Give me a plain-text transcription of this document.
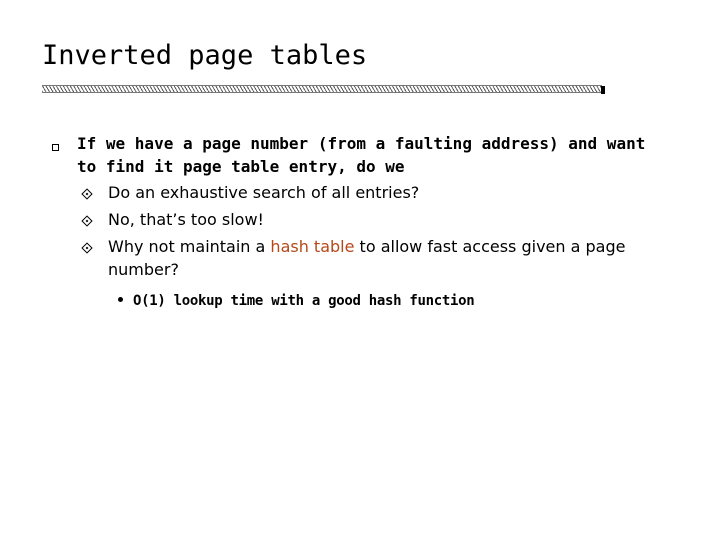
Inverted page tables
If we have a page number (from a faulting address) and want to find it page table entry, do we
Do an exhaustive search of all entries?
No, that’s too slow!
Why not maintain a hash table to allow fast access given a page number?
O(1) lookup time with a good hash function
